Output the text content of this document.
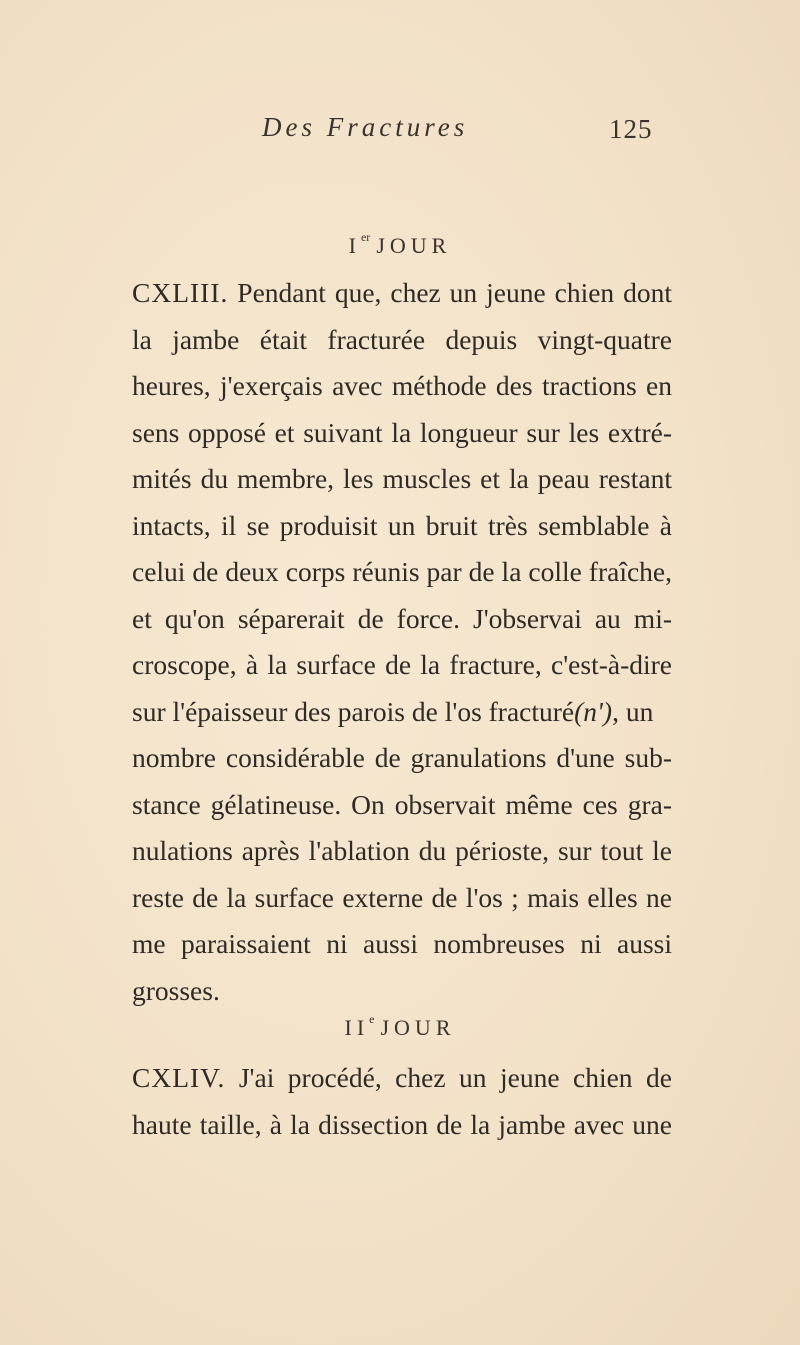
Des Fractures	125
Ier JOUR
CXLIII. Pendant que, chez un jeune chien dont
la jambe était fracturée depuis vingt-quatre
heures, j'exerçais avec méthode des tractions en
sens opposé et suivant la longueur sur les extré-
mités du membre, les muscles et la peau restant
intacts, il se produisit un bruit très semblable à
celui de deux corps réunis par de la colle fraîche,
et qu'on séparerait de force. J'observai au mi-
croscope, à la surface de la fracture, c'est-à-dire
sur l'épaisseur des parois de l'os fracturé(n'), un
nombre considérable de granulations d'une sub-
stance gélatineuse. On observait même ces gra-
nulations après l'ablation du périoste, sur tout le
reste de la surface externe de l'os ; mais elles ne
me paraissaient ni aussi nombreuses ni aussi
grosses.
IIe JOUR
CXLIV. J'ai procédé, chez un jeune chien de
haute taille, à la dissection de la jambe avec une
